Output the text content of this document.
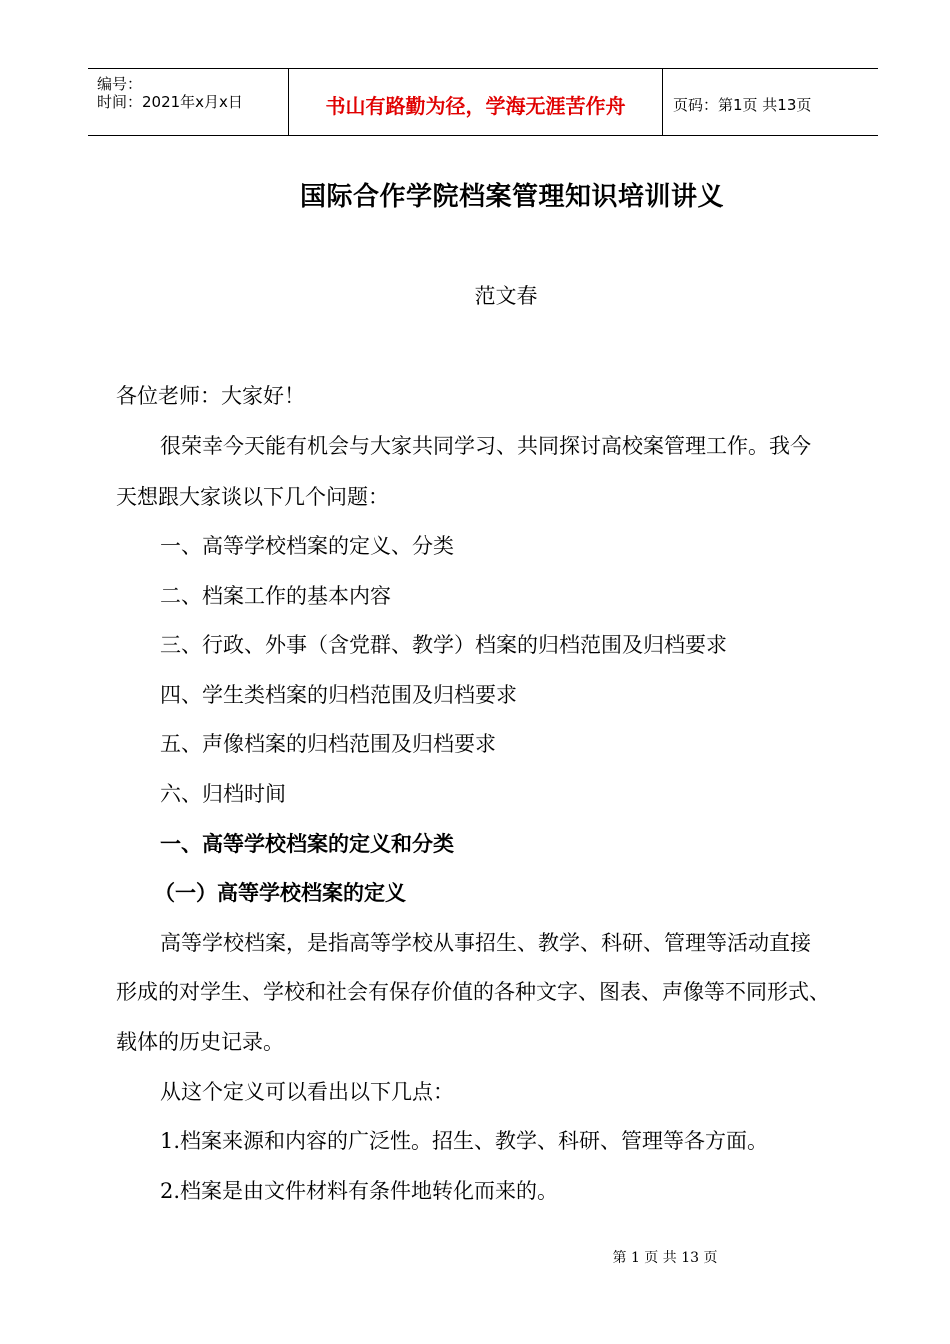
编号：
时间：2021年x月x日	书山有路勤为径，学海无涯苦作舟	页码：第1页 共13页
国际合作学院档案管理知识培训讲义
范文春
各位老师：大家好！
很荣幸今天能有机会与大家共同学习、共同探讨高校案管理工作。我今
天想跟大家谈以下几个问题：
一、高等学校档案的定义、分类
二、档案工作的基本内容
三、行政、外事（含党群、教学）档案的归档范围及归档要求
四、学生类档案的归档范围及归档要求
五、声像档案的归档范围及归档要求
六、归档时间
一、高等学校档案的定义和分类
（一）高等学校档案的定义
高等学校档案，是指高等学校从事招生、教学、科研、管理等活动直接
形成的对学生、学校和社会有保存价值的各种文字、图表、声像等不同形式、
载体的历史记录。
从这个定义可以看出以下几点：
1.档案来源和内容的广泛性。招生、教学、科研、管理等各方面。
2.档案是由文件材料有条件地转化而来的。
第 1 页 共 13 页
